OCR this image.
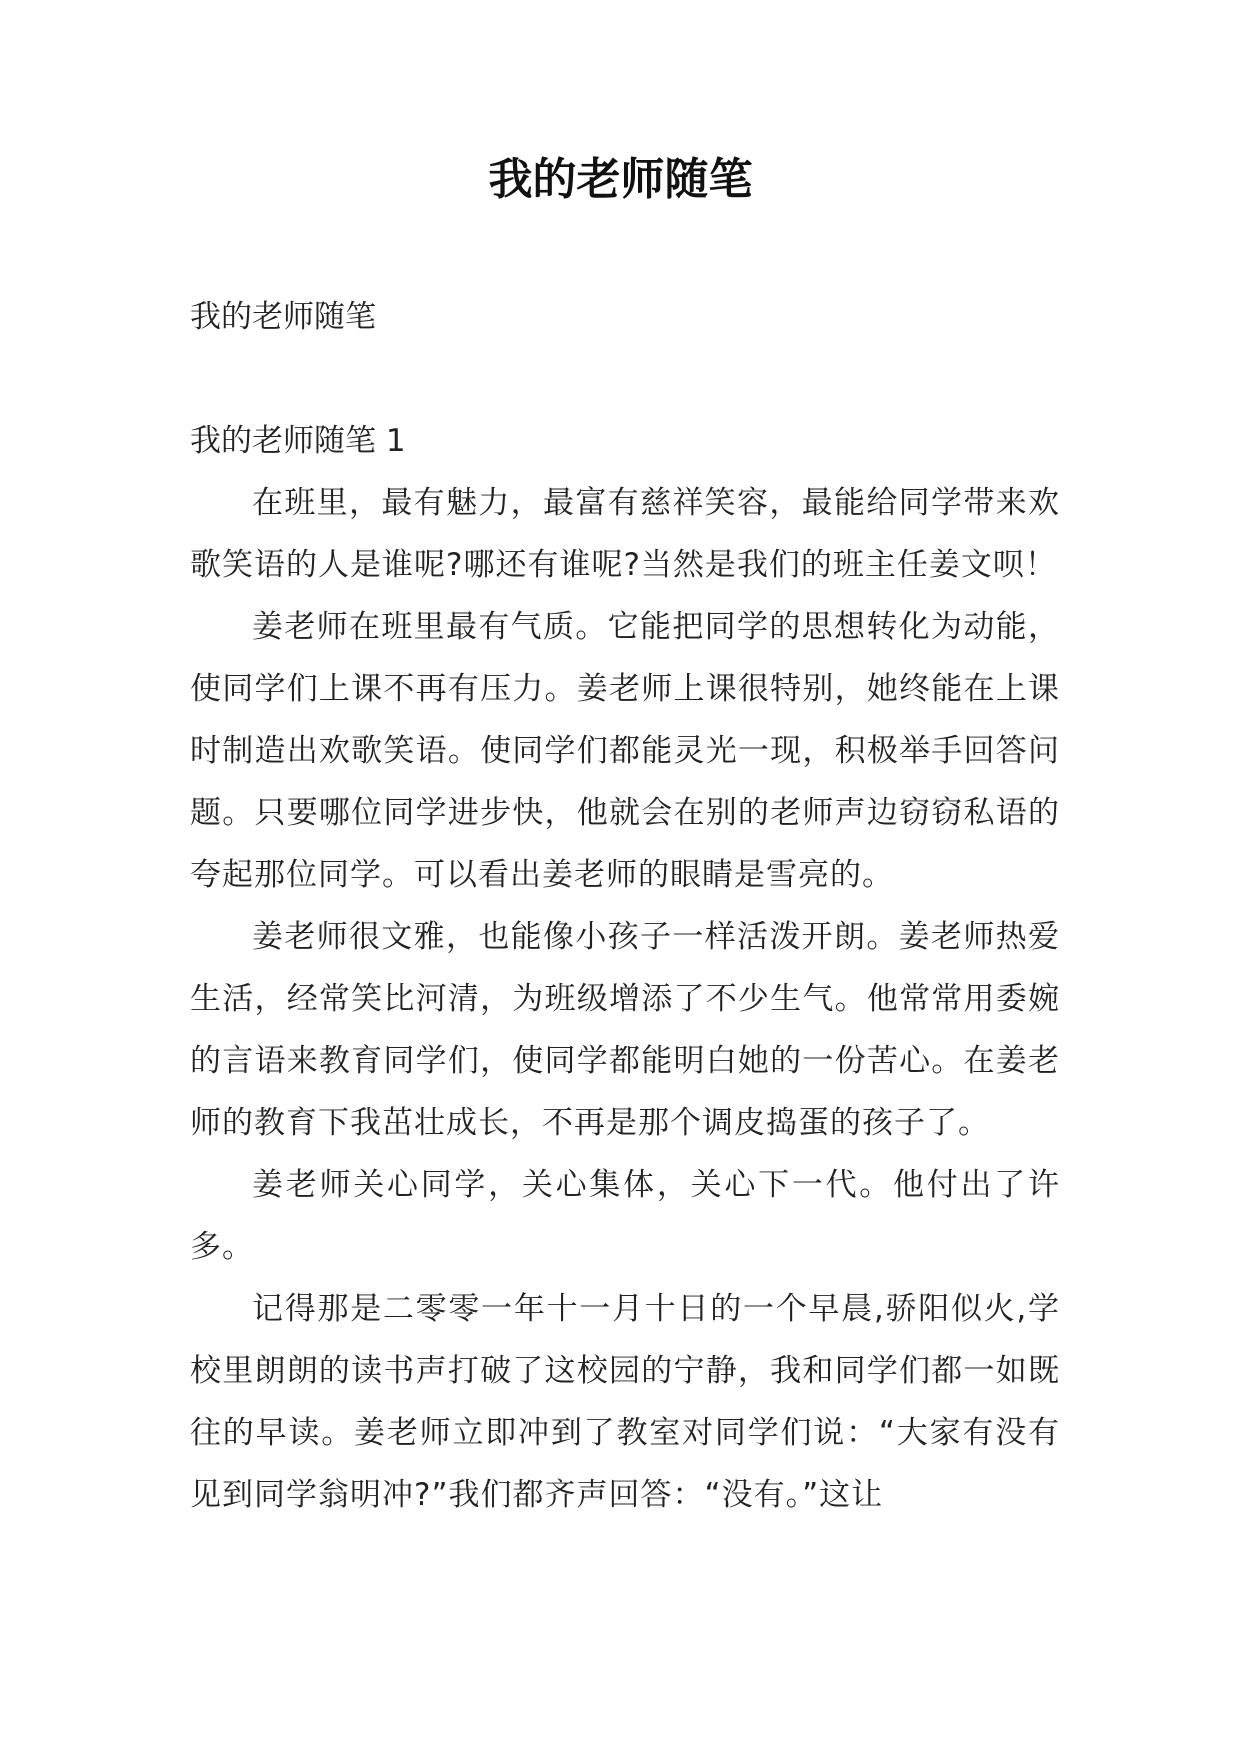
我的老师随笔

我的老师随笔

我的老师随笔 1

在班里，最有魅力，最富有慈祥笑容，最能给同学带来欢歌笑语的人是谁呢?哪还有谁呢?当然是我们的班主任姜文呗！

姜老师在班里最有气质。它能把同学的思想转化为动能，使同学们上课不再有压力。姜老师上课很特别，她终能在上课时制造出欢歌笑语。使同学们都能灵光一现，积极举手回答问题。只要哪位同学进步快，他就会在别的老师声边窃窃私语的夸起那位同学。可以看出姜老师的眼睛是雪亮的。

姜老师很文雅，也能像小孩子一样活泼开朗。姜老师热爱生活，经常笑比河清，为班级增添了不少生气。他常常用委婉的言语来教育同学们，使同学都能明白她的一份苦心。在姜老师的教育下我茁壮成长，不再是那个调皮捣蛋的孩子了。

姜老师关心同学，关心集体，关心下一代。他付出了许多。

记得那是二零零一年十一月十日的一个早晨,骄阳似火,学校里朗朗的读书声打破了这校园的宁静，我和同学们都一如既往的早读。姜老师立即冲到了教室对同学们说：“大家有没有见到同学翁明冲?”我们都齐声回答：“没有。”这让
